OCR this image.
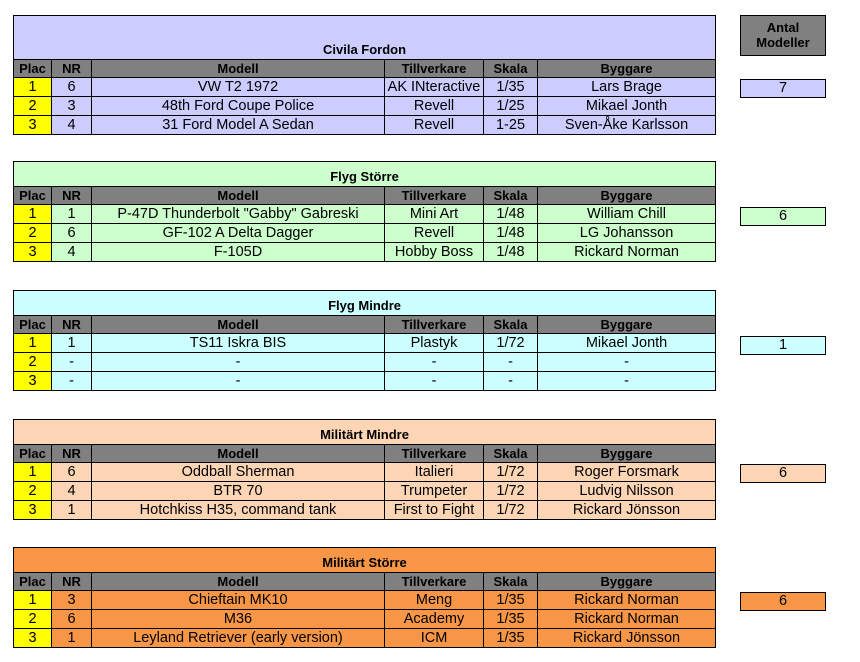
Antal
Modeller
Civila Fordon					
Plac	NR	Modell	Tillverkare	Skala	Byggare
1	6	VW T2 1972	AK INteractive	1/35	Lars Brage
2	3	48th Ford Coupe Police	Revell	1/25	Mikael Jonth
3	4	31 Ford Model A Sedan	Revell	1-25	Sven-Åke Karlsson
7
Flyg Större					
Plac	NR	Modell	Tillverkare	Skala	Byggare
1	1	P-47D Thunderbolt "Gabby" Gabreski	Mini Art	1/48	William Chill
2	6	GF-102 A Delta Dagger	Revell	1/48	LG Johansson
3	4	F-105D	Hobby Boss	1/48	Rickard Norman
6
Flyg Mindre					
Plac	NR	Modell	Tillverkare	Skala	Byggare
1	1	TS11 Iskra BIS	Plastyk	1/72	Mikael Jonth
2	-	-	-	-	-
3	-	-	-	-	-
1
Militärt Mindre					
Plac	NR	Modell	Tillverkare	Skala	Byggare
1	6	Oddball Sherman	Italieri	1/72	Roger Forsmark
2	4	BTR 70	Trumpeter	1/72	Ludvig Nilsson
3	1	Hotchkiss H35, command tank	First to Fight	1/72	Rickard Jönsson
6
Militärt Större					
Plac	NR	Modell	Tillverkare	Skala	Byggare
1	3	Chieftain MK10	Meng	1/35	Rickard Norman
2	6	M36	Academy	1/35	Rickard Norman
3	1	Leyland Retriever (early version)	ICM	1/35	Rickard Jönsson
6
